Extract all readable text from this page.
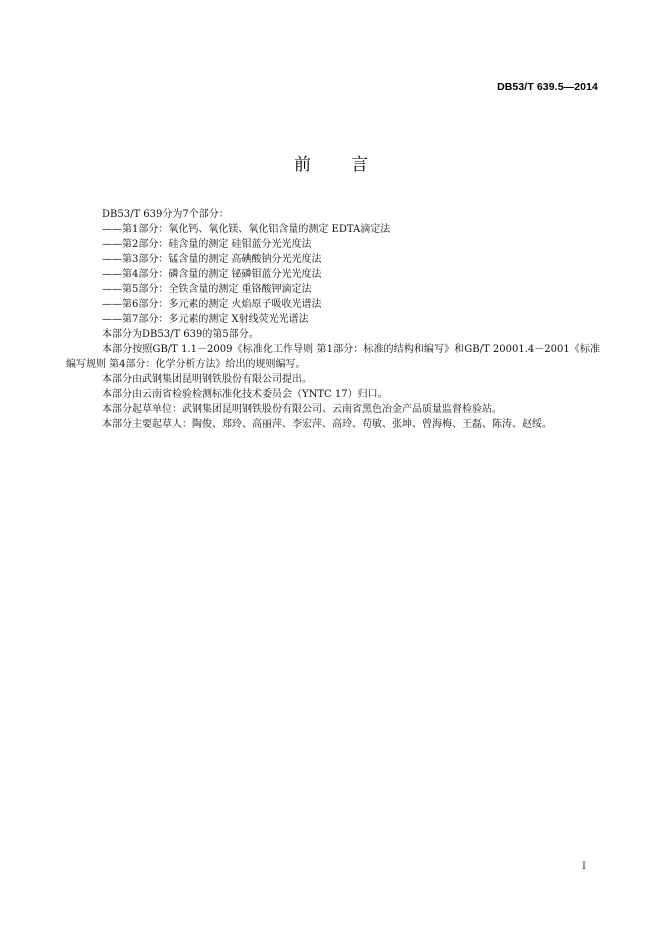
DB53/T 639.5—2014
前言

DB53/T 639分为7个部分：

——第1部分：氧化钙、氧化镁、氧化铝含量的测定 EDTA滴定法

——第2部分：硅含量的测定 硅钼蓝分光光度法

——第3部分：锰含量的测定 高碘酸钠分光光度法

——第4部分：磷含量的测定 铋磷钼蓝分光光度法

——第5部分：全铁含量的测定 重铬酸钾滴定法

——第6部分：多元素的测定 火焰原子吸收光谱法

——第7部分：多元素的测定 X射线荧光光谱法

本部分为DB53/T 639的第5部分。

本部分按照GB/T 1.1－2009《标准化工作导则 第1部分：标准的结构和编写》和GB/T 20001.4－2001《标准编写规则 第4部分：化学分析方法》给出的规则编写。

本部分由武钢集团昆明钢铁股份有限公司提出。

本部分由云南省检验检测标准化技术委员会（YNTC 17）归口。

本部分起草单位：武钢集团昆明钢铁股份有限公司、云南省黑色冶金产品质量监督检验站。

本部分主要起草人：陶俊、郑玲、高丽萍、李宏萍、高玲、苟敏、张坤、曾海梅、王磊、陈涛、赵绥。

I
